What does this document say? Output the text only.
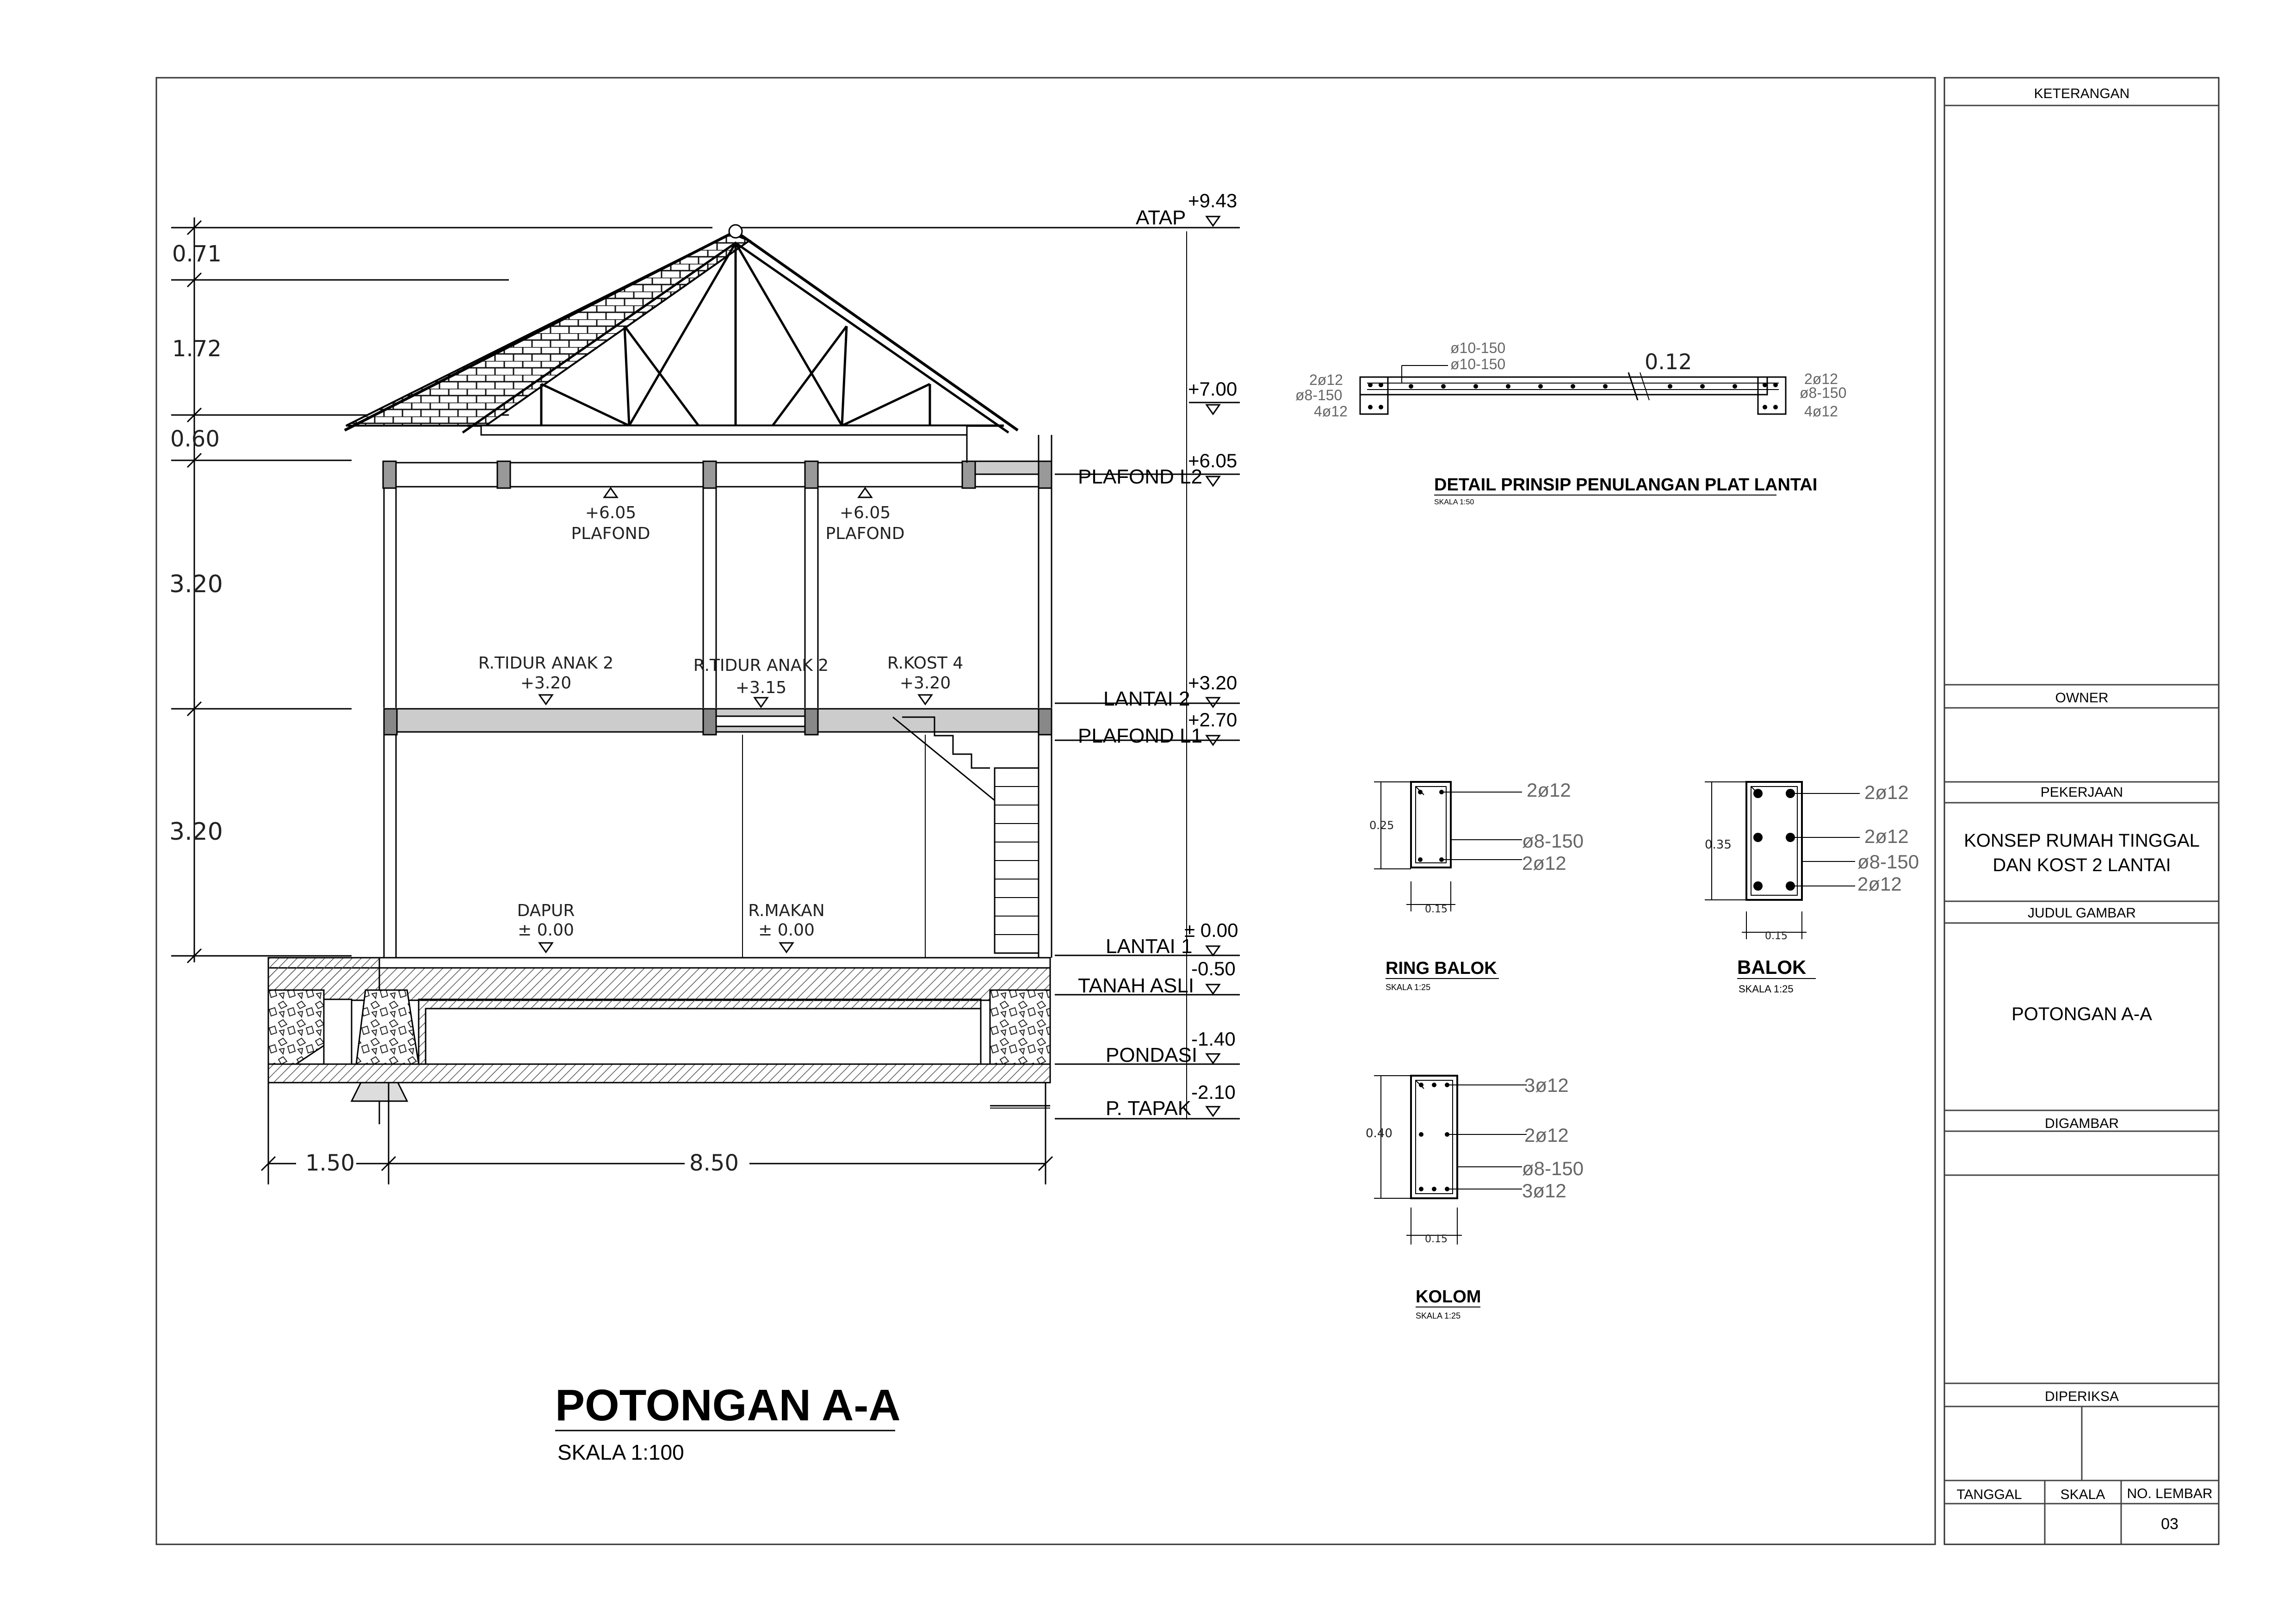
0.71
1.72
0.60
3.20
3.20
1.50	8.50
ATAP
+9.43
+7.00
PLAFOND L2
+6.05
LANTAI 2
+3.20
PLAFOND L1
+2.70
LANTAI 1
± 0.00
TANAH ASLI
-0.50
PONDASI
-1.40
P. TAPAK
-2.10
+6.05
PLAFOND
+6.05
PLAFOND
R.TIDUR ANAK 2
+3.20
R.TIDUR ANAK 2
+3.15
R.KOST 4
+3.20
DAPUR
± 0.00
R.MAKAN
± 0.00
POTONGAN A-A
SKALA 1:100
ø10-150
ø10-150
2ø12
ø8-150
4ø12
2ø12
ø8-150
4ø12
0.12
DETAIL PRINSIP PENULANGAN PLAT LANTAI
SKALA 1:50
2ø12
ø8-150
2ø12
0.25
0.15
RING BALOK
SKALA 1:25
2ø12
2ø12
ø8-150
2ø12
0.35
0.15
BALOK
SKALA 1:25
3ø12
2ø12
ø8-150
3ø12
0.40
0.15
KOLOM
SKALA 1:25
KETERANGAN
OWNER
PEKERJAAN
KONSEP RUMAH TINGGAL
DAN KOST 2 LANTAI
JUDUL GAMBAR
POTONGAN A-A
DIGAMBAR
DIPERIKSA
TANGGAL	SKALA NO. LEMBAR
03
